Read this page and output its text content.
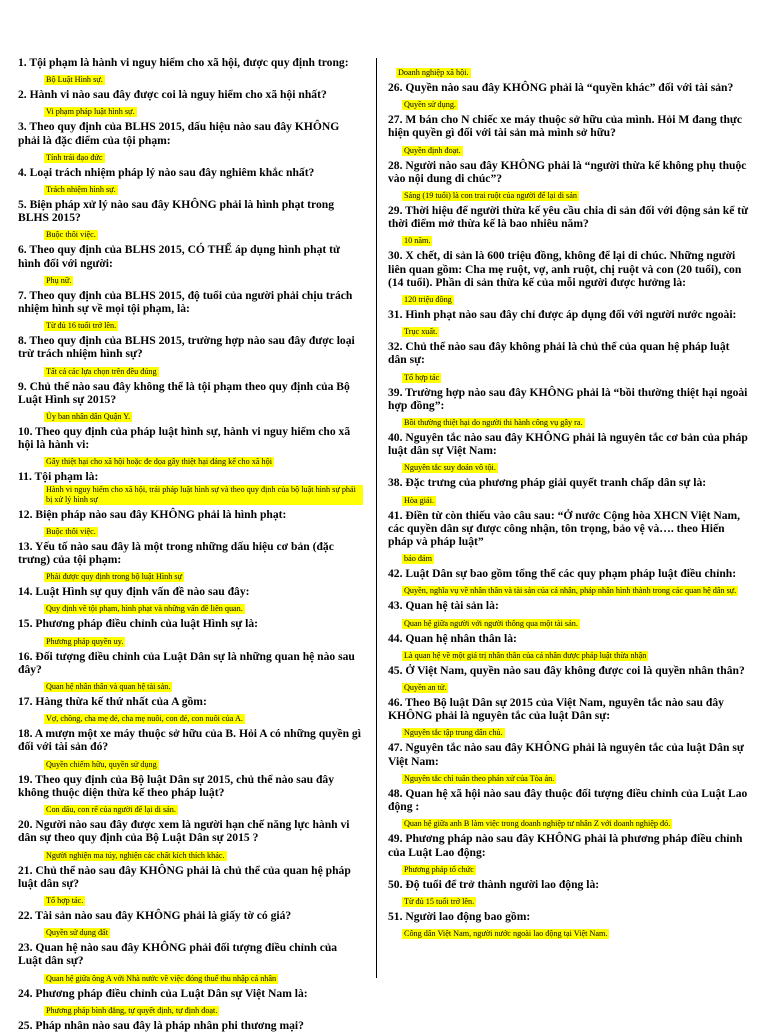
1. Tội phạm là hành vi nguy hiểm cho xã hội, được quy định trong:

Bộ Luật Hình sự.

2. Hành vi nào sau đây được coi là nguy hiểm cho xã hội nhất?

Vi phạm pháp luật hình sự.

3. Theo quy định của BLHS 2015, dấu hiệu nào sau đây KHÔNG phải là đặc điểm của tội phạm:

Tính trái đạo đức

4. Loại trách nhiệm pháp lý nào sau đây nghiêm khắc nhất?

Trách nhiệm hình sự.

5. Biện pháp xử lý nào sau đây KHÔNG phải là hình phạt trong BLHS 2015?

Buộc thôi việc.

6. Theo quy định của BLHS 2015, CÓ THỂ áp dụng hình phạt tử hình đối với người:

Phụ nữ.

7. Theo quy định của BLHS 2015, độ tuổi của người phải chịu trách nhiệm hình sự về mọi tội phạm, là:

Từ đủ 16 tuổi trở lên.

8. Theo quy định của BLHS 2015, trường hợp nào sau đây được loại trừ trách nhiệm hình sự?

Tất cả các lựa chọn trên đều đúng

9. Chủ thể nào sau đây không thể là tội phạm theo quy định của Bộ Luật Hình sự 2015?

Ủy ban nhân dân Quận Y.

10. Theo quy định của pháp luật hình sự, hành vi nguy hiểm cho xã hội là hành vi:

Gây thiệt hại cho xã hội hoặc đe dọa gây thiệt hại đáng kể cho xã hội

11. Tội phạm là:

Hành vi nguy hiểm cho xã hội, trái pháp luật hình sự và theo quy định của bộ luật hình sự phải bị xử lý hình sự

12. Biện pháp nào sau đây KHÔNG phải là hình phạt:

Buộc thôi việc.

13. Yếu tố nào sau đây là một trong những dấu hiệu cơ bản (đặc trưng) của tội phạm:

Phải được quy định trong bộ luật Hình sự

14. Luật Hình sự quy định vấn đề nào sau đây:

Quy định về tội phạm, hình phạt và những vấn đề liên quan.

15. Phương pháp điều chỉnh của luật Hình sự là:

Phương pháp quyền uy.

16. Đối tượng điều chỉnh của Luật Dân sự là những quan hệ nào sau đây?

Quan hệ nhân thân và quan hệ tài sản.

17. Hàng thừa kế thứ nhất của A gồm:

Vợ, chồng, cha mẹ đẻ, cha mẹ nuôi, con đẻ, con nuôi của A.

18. A mượn một xe máy thuộc sở hữu của B. Hỏi A có những quyền gì đối với tài sản đó?

Quyền chiếm hữu, quyền sử dụng

19. Theo quy định của Bộ luật Dân sự 2015, chủ thể nào sau đây không thuộc diện thừa kế theo pháp luật?

Con dâu, con rể của người để lại di sản.

20. Người nào sau đây được xem là người hạn chế năng lực hành vi dân sự theo quy định của Bộ Luật Dân sự 2015 ?

Người nghiện ma túy, nghiện các chất kích thích khác.

21. Chủ thể nào sau đây KHÔNG phải là chủ thể của quan hệ pháp luật dân sự?

Tổ hợp tác.

22. Tài sản nào sau đây KHÔNG phải là giấy tờ có giá?

Quyền sử dụng đất

23. Quan hệ nào sau đây KHÔNG phải đối tượng điều chỉnh của Luật dân sự?

Quan hệ giữa ông A với Nhà nước về việc đóng thuế thu nhập cá nhân

24. Phương pháp điều chỉnh của Luật Dân sự Việt Nam là:

Phương pháp bình đẳng, tự quyết định, tự định đoạt.

25. Pháp nhân nào sau đây là pháp nhân phi thương mại?

Doanh nghiệp xã hội.

26. Quyền nào sau đây KHÔNG phải là “quyền khác” đối với tài sản?

Quyền sử dụng.

27. M bán cho N chiếc xe máy thuộc sở hữu của mình. Hỏi M đang thực hiện quyền gì đối với tài sản mà mình sở hữu?

Quyền định đoạt.

28. Người nào sau đây KHÔNG phải là “người thừa kế không phụ thuộc vào nội dung di chúc”?

Sáng (19 tuổi) là con trai ruột của người để lại di sản

29. Thời hiệu để người thừa kế yêu cầu chia di sản đối với động sản kể từ thời điểm mở thừa kế là bao nhiêu năm?

10 năm.

30. X chết, di sản là 600 triệu đồng, không để lại di chúc. Những người liên quan gồm: Cha mẹ ruột, vợ, anh ruột, chị ruột và con (20 tuổi), con (14 tuổi). Phần di sản thừa kế của mỗi người được hưởng là:

120 triệu đồng

31. Hình phạt nào sau đây chỉ được áp dụng đối với người nước ngoài:

Trục xuất.

32. Chủ thể nào sau đây không phải là chủ thể của quan hệ pháp luật dân sự:

Tổ hợp tác

39. Trường hợp nào sau đây KHÔNG phải là “bồi thường thiệt hại ngoài hợp đồng”:

Bồi thường thiệt hại do người thi hành công vụ gây ra.

40. Nguyên tắc nào sau đây KHÔNG phải là nguyên tắc cơ bản của pháp luật dân sự Việt Nam:

Nguyên tắc suy đoán vô tội.

38. Đặc trưng của phương pháp giải quyết tranh chấp dân sự là:

Hòa giải.

41. Điền từ còn thiếu vào câu sau: “Ở nước Cộng hòa XHCN Việt Nam, các quyền dân sự được công nhận, tôn trọng, bảo vệ và…. theo Hiến pháp và pháp luật”

bảo đảm

42. Luật Dân sự bao gồm tổng thể các quy phạm pháp luật điều chỉnh:

Quyền, nghĩa vụ về nhân thân và tài sản của cá nhân, pháp nhân hình thành trong các quan hệ dân sự.

43. Quan hệ tài sản là:

Quan hệ giữa người với người thông qua một tài sản.

44. Quan hệ nhân thân là:

Là quan hệ về một giá trị nhân thân của cá nhân được pháp luật thừa nhận

45. Ở Việt Nam, quyền nào sau đây không được coi là quyền nhân thân?

Quyền an tử.

46. Theo Bộ luật Dân sự 2015 của Việt Nam, nguyên tắc nào sau đây KHÔNG phải là nguyên tắc của luật Dân sự:

Nguyên tắc tập trung dân chủ.

47. Nguyên tắc nào sau đây KHÔNG phải là nguyên tắc của luật Dân sự Việt Nam:

Nguyên tắc chỉ tuân theo phán xử của Tòa án.

48. Quan hệ xã hội nào sau đây thuộc đối tượng điều chỉnh của Luật Lao động :

Quan hệ giữa anh B làm việc trong doanh nghiệp tư nhân Z với doanh nghiệp đó.

49. Phương pháp nào sau đây KHÔNG phải là phương pháp điều chỉnh của Luật Lao động:

Phương pháp tổ chức

50. Độ tuổi để trở thành người lao động là:

Từ đủ 15 tuổi trở lên.

51. Người lao động bao gồm:

Công dân Việt Nam, người nước ngoài lao động tại Việt Nam.
